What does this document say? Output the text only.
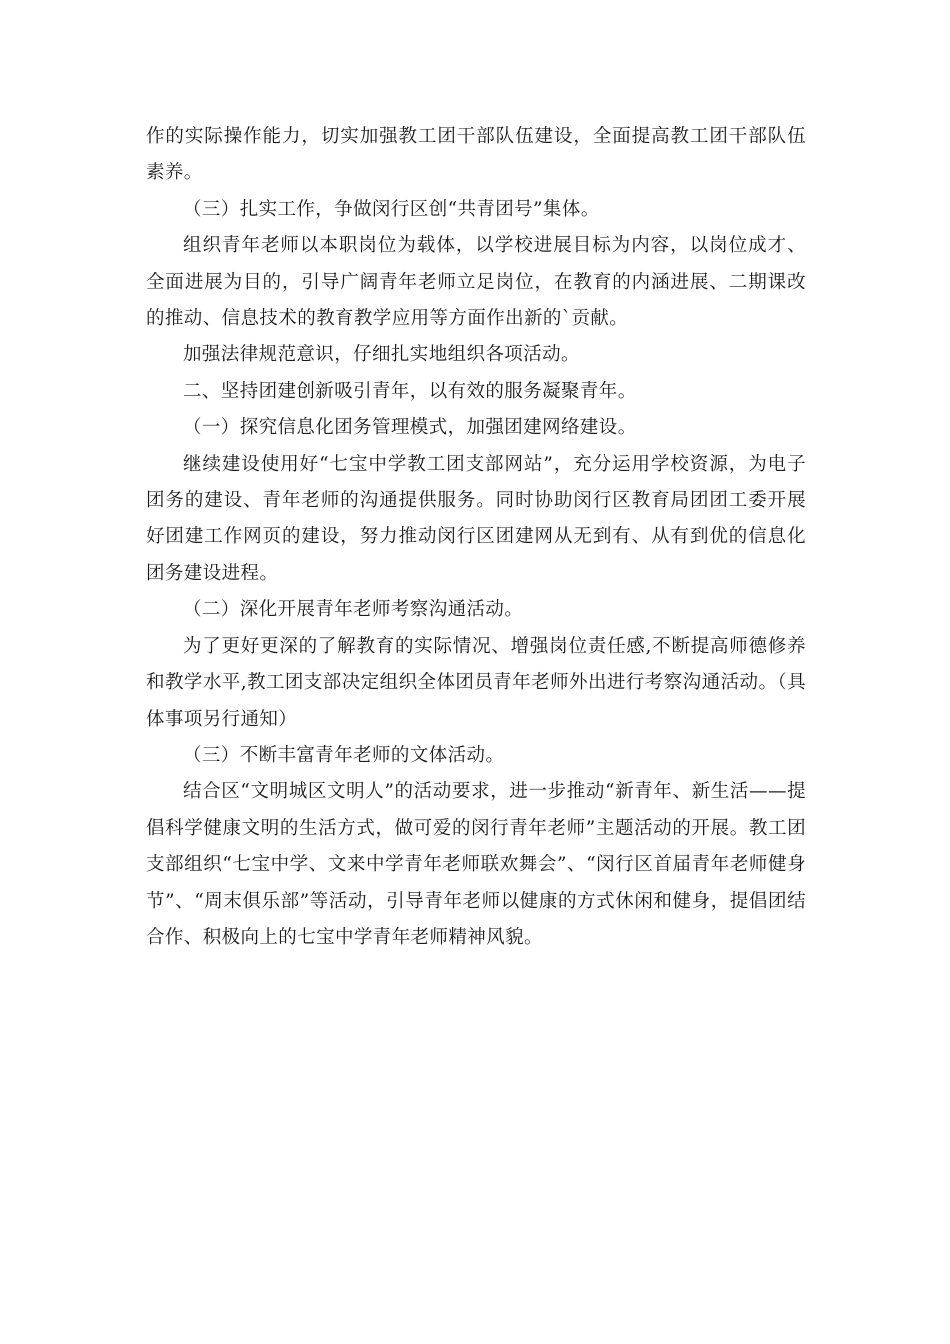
作的实际操作能力，切实加强教工团干部队伍建设，全面提高教工团干部队伍素养。

（三）扎实工作，争做闵行区创“共青团号”集体。

组织青年老师以本职岗位为载体，以学校进展目标为内容，以岗位成才、全面进展为目的，引导广阔青年老师立足岗位，在教育的内涵进展、二期课改的推动、信息技术的教育教学应用等方面作出新的`贡献。

加强法律规范意识，仔细扎实地组织各项活动。

二、坚持团建创新吸引青年，以有效的服务凝聚青年。

（一）探究信息化团务管理模式，加强团建网络建设。

继续建设使用好“七宝中学教工团支部网站”，充分运用学校资源，为电子团务的建设、青年老师的沟通提供服务。同时协助闵行区教育局团团工委开展好团建工作网页的建设，努力推动闵行区团建网从无到有、从有到优的信息化团务建设进程。

（二）深化开展青年老师考察沟通活动。

为了更好更深的了解教育的实际情况、增强岗位责任感,不断提高师德修养和教学水平,教工团支部决定组织全体团员青年老师外出进行考察沟通活动。（具体事项另行通知）

（三）不断丰富青年老师的文体活动。

结合区“文明城区文明人”的活动要求，进一步推动“新青年、新生活——提倡科学健康文明的生活方式，做可爱的闵行青年老师”主题活动的开展。教工团支部组织“七宝中学、文来中学青年老师联欢舞会”、“闵行区首届青年老师健身节”、“周末俱乐部”等活动，引导青年老师以健康的方式休闲和健身，提倡团结合作、积极向上的七宝中学青年老师精神风貌。
